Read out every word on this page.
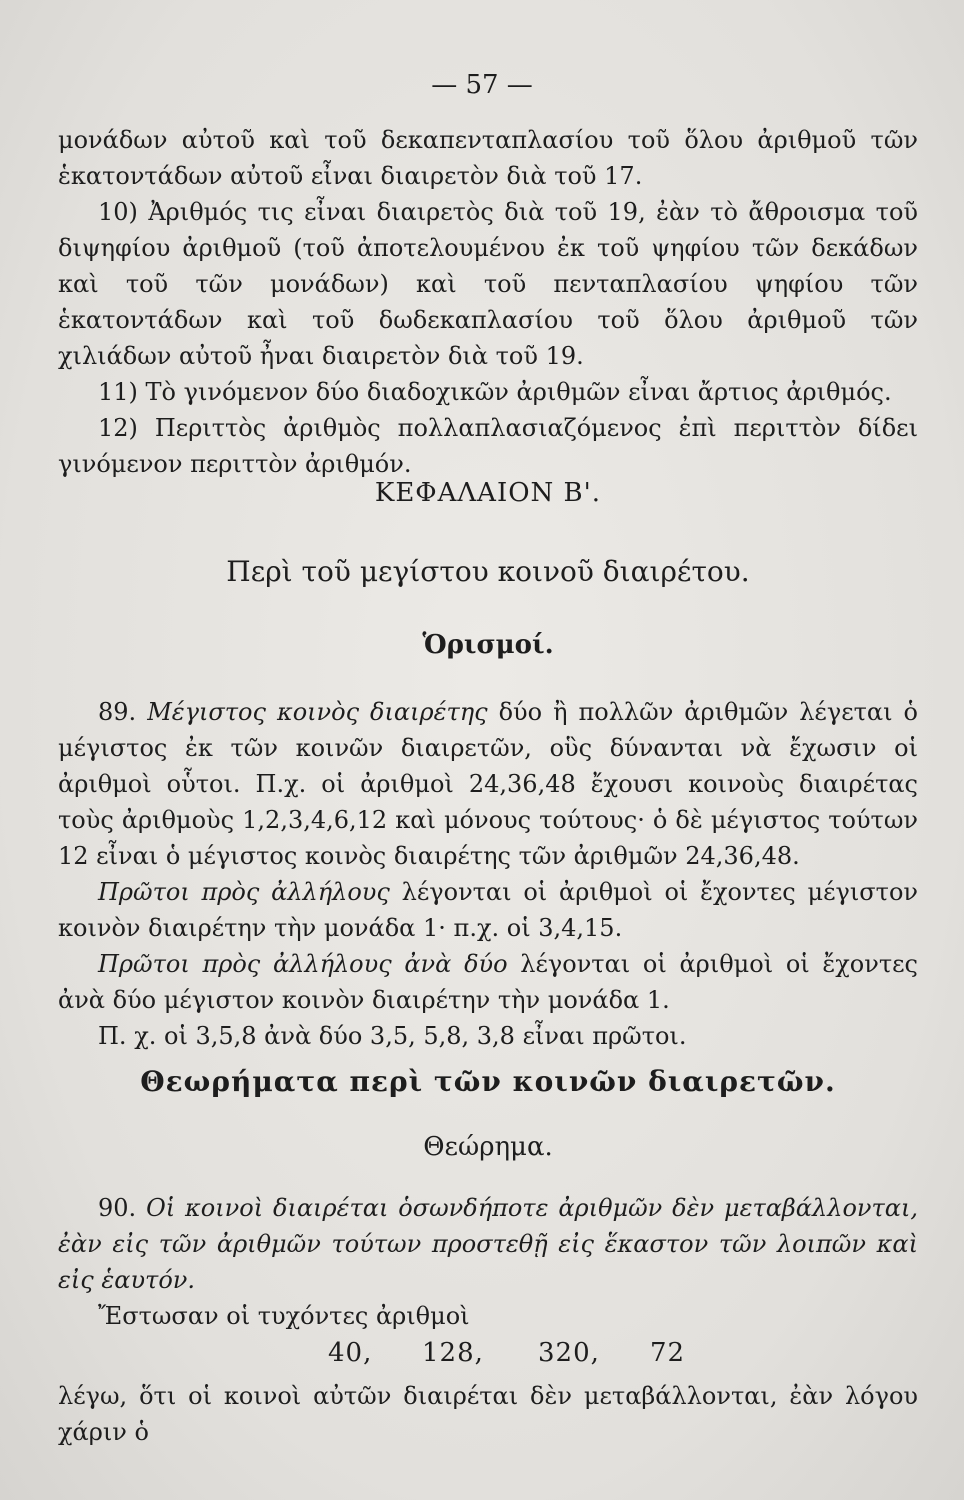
— 57 —

μονάδων αὐτοῦ καὶ τοῦ δεκαπενταπλασίου τοῦ ὅλου ἀριθμοῦ τῶν ἑκατοντάδων αὐτοῦ εἶναι διαιρετὸν διὰ τοῦ 17.

10) Ἀριθμός τις εἶναι διαιρετὸς διὰ τοῦ 19, ἐὰν τὸ ἄθροισμα τοῦ διψηφίου ἀριθμοῦ (τοῦ ἀποτελουμένου ἐκ τοῦ ψηφίου τῶν δεκάδων καὶ τοῦ τῶν μονάδων) καὶ τοῦ πενταπλασίου ψηφίου τῶν ἑκατοντάδων καὶ τοῦ δωδεκαπλασίου τοῦ ὅλου ἀριθμοῦ τῶν χιλιάδων αὐτοῦ ἦναι διαιρετὸν διὰ τοῦ 19.

11) Τὸ γινόμενον δύο διαδοχικῶν ἀριθμῶν εἶναι ἄρτιος ἀριθμός.

12) Περιττὸς ἀριθμὸς πολλαπλασιαζόμενος ἐπὶ περιττὸν δίδει γινόμενον περιττὸν ἀριθμόν.

ΚΕΦΑΛΑΙΟΝ Β'.
Περὶ τοῦ μεγίστου κοινοῦ διαιρέτου.
Ὁρισμοί.

89. Μέγιστος κοινὸς διαιρέτης δύο ἢ πολλῶν ἀριθμῶν λέγεται ὁ μέγιστος ἐκ τῶν κοινῶν διαιρετῶν, οὓς δύνανται νὰ ἔχωσιν οἱ ἀριθμοὶ οὗτοι. Π.χ. οἱ ἀριθμοὶ 24,36,48 ἔχουσι κοινοὺς διαιρέτας τοὺς ἀριθμοὺς 1,2,3,4,6,12 καὶ μόνους τούτους· ὁ δὲ μέγιστος τούτων 12 εἶναι ὁ μέγιστος κοινὸς διαιρέτης τῶν ἀριθμῶν 24,36,48.

Πρῶτοι πρὸς ἀλλήλους λέγονται οἱ ἀριθμοὶ οἱ ἔχοντες μέγιστον κοινὸν διαιρέτην τὴν μονάδα 1· π.χ. οἱ 3,4,15.

Πρῶτοι πρὸς ἀλλήλους ἀνὰ δύο λέγονται οἱ ἀριθμοὶ οἱ ἔχοντες ἀνὰ δύο μέγιστον κοινὸν διαιρέτην τὴν μονάδα 1.

Π. χ. οἱ 3,5,8 ἀνὰ δύο 3,5, 5,8, 3,8 εἶναι πρῶτοι.

Θεωρήματα περὶ τῶν κοινῶν διαιρετῶν.
Θεώρημα.

90. Οἱ κοινοὶ διαιρέται ὁσωνδήποτε ἀριθμῶν δὲν μεταβάλλονται, ἐὰν εἰς τῶν ἀριθμῶν τούτων προστεθῇ εἰς ἕκαστον τῶν λοιπῶν καὶ εἰς ἑαυτόν.

Ἔστωσαν οἱ τυχόντες ἀριθμοὶ

40, 128, 320, 72

λέγω, ὅτι οἱ κοινοὶ αὐτῶν διαιρέται δὲν μεταβάλλονται, ἐὰν λόγου χάριν ὁ
